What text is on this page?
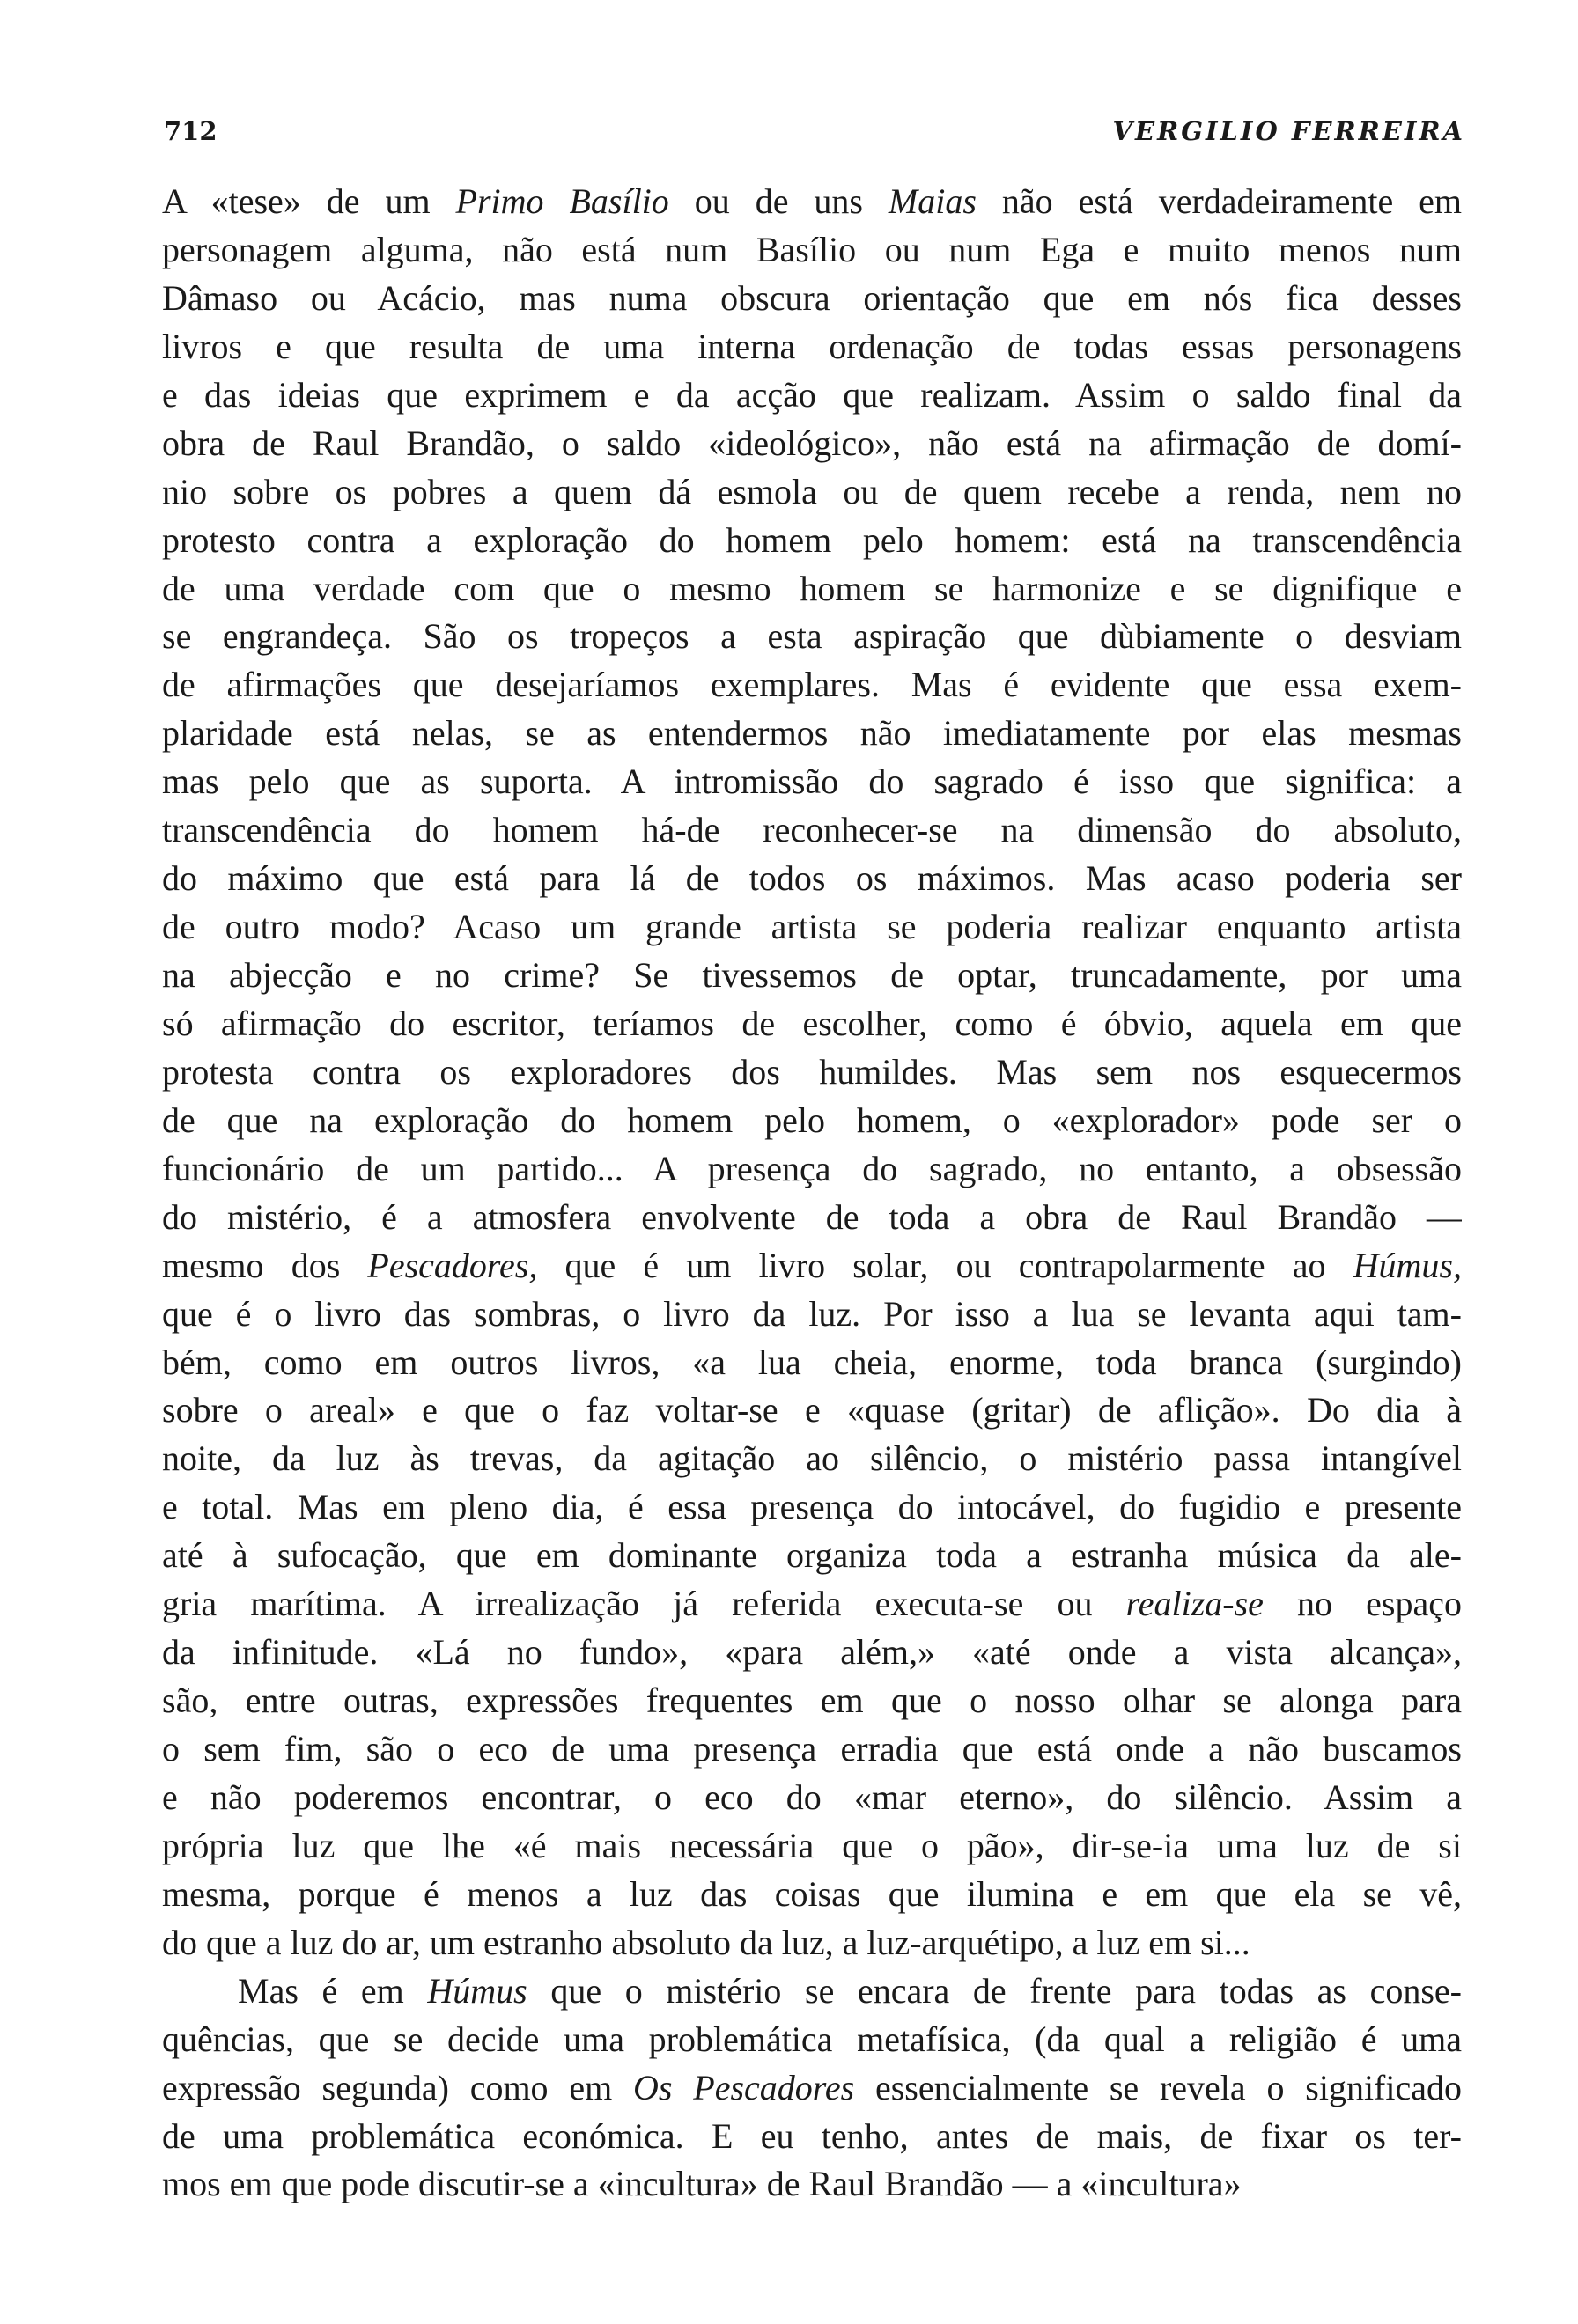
712	VERGILIO FERREIRA
A «tese» de um Primo Basílio ou de uns Maias não está verdadeiramente em
personagem alguma, não está num Basílio ou num Ega e muito menos num
Dâmaso ou Acácio, mas numa obscura orientação que em nós fica desses
livros e que resulta de uma interna ordenação de todas essas personagens
e das ideias que exprimem e da acção que realizam. Assim o saldo final da
obra de Raul Brandão, o saldo «ideológico», não está na afirmação de domí-
nio sobre os pobres a quem dá esmola ou de quem recebe a renda, nem no
protesto contra a exploração do homem pelo homem: está na transcendência
de uma verdade com que o mesmo homem se harmonize e se dignifique e
se engrandeça. São os tropeços a esta aspiração que dùbiamente o desviam
de afirmações que desejaríamos exemplares. Mas é evidente que essa exem-
plaridade está nelas, se as entendermos não imediatamente por elas mesmas
mas pelo que as suporta. A intromissão do sagrado é isso que significa: a
transcendência do homem há-de reconhecer-se na dimensão do absoluto,
do máximo que está para lá de todos os máximos. Mas acaso poderia ser
de outro modo? Acaso um grande artista se poderia realizar enquanto artista
na abjecção e no crime? Se tivessemos de optar, truncadamente, por uma
só afirmação do escritor, teríamos de escolher, como é óbvio, aquela em que
protesta contra os exploradores dos humildes. Mas sem nos esquecermos
de que na exploração do homem pelo homem, o «explorador» pode ser o
funcionário de um partido... A presença do sagrado, no entanto, a obsessão
do mistério, é a atmosfera envolvente de toda a obra de Raul Brandão —
mesmo dos Pescadores, que é um livro solar, ou contrapolarmente ao Húmus,
que é o livro das sombras, o livro da luz. Por isso a lua se levanta aqui tam-
bém, como em outros livros, «a lua cheia, enorme, toda branca (surgindo)
sobre o areal» e que o faz voltar-se e «quase (gritar) de aflição». Do dia à
noite, da luz às trevas, da agitação ao silêncio, o mistério passa intangível
e total. Mas em pleno dia, é essa presença do intocável, do fugidio e presente
até à sufocação, que em dominante organiza toda a estranha música da ale-
gria marítima. A irrealização já referida executa-se ou realiza-se no espaço
da infinitude. «Lá no fundo», «para além,» «até onde a vista alcança»,
são, entre outras, expressões frequentes em que o nosso olhar se alonga para
o sem fim, são o eco de uma presença erradia que está onde a não buscamos
e não poderemos encontrar, o eco do «mar eterno», do silêncio. Assim a
própria luz que lhe «é mais necessária que o pão», dir-se-ia uma luz de si
mesma, porque é menos a luz das coisas que ilumina e em que ela se vê,
do que a luz do ar, um estranho absoluto da luz, a luz-arquétipo, a luz em si...
Mas é em Húmus que o mistério se encara de frente para todas as conse-
quências, que se decide uma problemática metafísica, (da qual a religião é uma
expressão segunda) como em Os Pescadores essencialmente se revela o significado
de uma problemática económica. E eu tenho, antes de mais, de fixar os ter-
mos em que pode discutir-se a «incultura» de Raul Brandão — a «incultura»
